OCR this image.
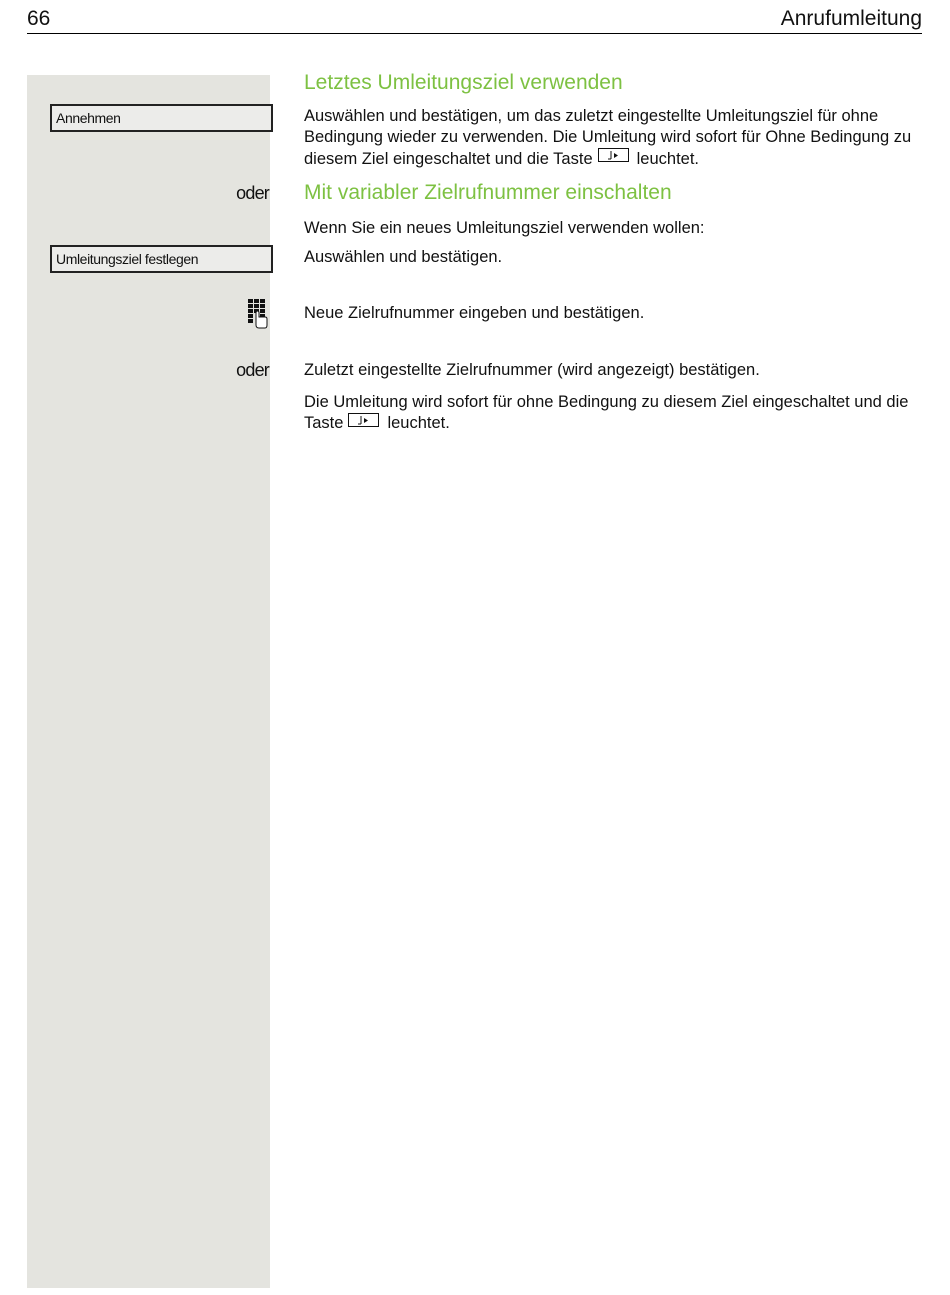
66	Anrufumleitung
Annehmen
oder
Umleitungsziel festlegen
oder
Letztes Umleitungsziel verwenden
Auswählen und bestätigen, um das zuletzt eingestellte Umleitungsziel für ohne Bedingung wieder zu verwenden. Die Umleitung wird sofort für Ohne Bedingung zu diesem Ziel eingeschaltet und die Taste	leuchtet.
Mit variabler Zielrufnummer einschalten
Wenn Sie ein neues Umleitungsziel verwenden wollen:
Auswählen und bestätigen.
Neue Zielrufnummer eingeben und bestätigen.
Zuletzt eingestellte Zielrufnummer (wird angezeigt) bestätigen.
Die Umleitung wird sofort für ohne Bedingung zu diesem Ziel eingeschaltet und die Taste	leuchtet.
